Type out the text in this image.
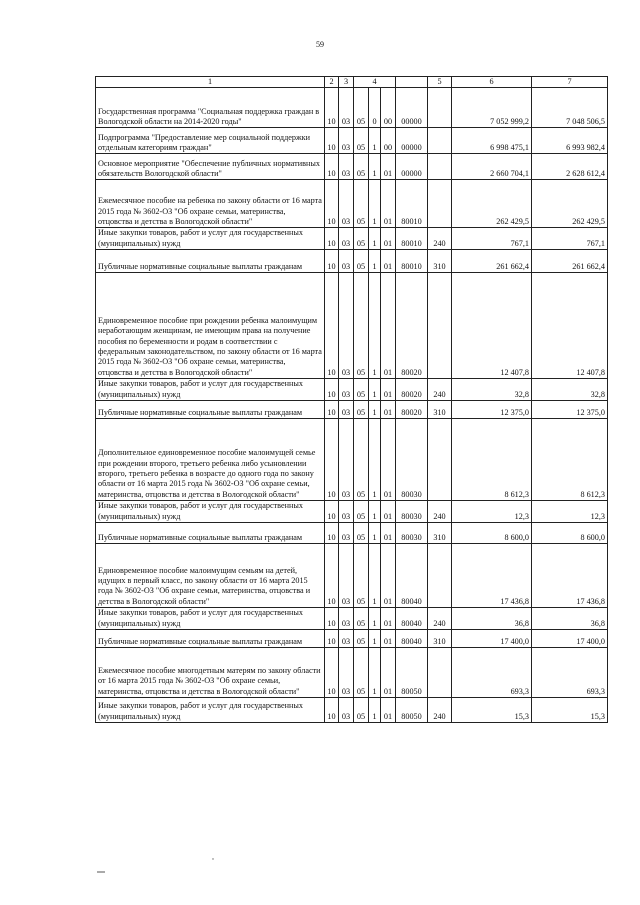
59
1	2	3	4				5	6	7
Государственная программа "Социальная поддержка граждан в Вологодской области на 2014-2020 годы"	10	03	05	0	00	00000		7 052 999,2	7 048 506,5
Подпрограмма "Предоставление мер социальной поддержки отдельным категориям граждан"	10	03	05	1	00	00000		6 998 475,1	6 993 982,4
Основное мероприятие "Обеспечение публичных нормативных обязательств Вологодской области"	10	03	05	1	01	00000		2 660 704,1	2 628 612,4
Ежемесячное пособие на ребенка по закону области от 16 марта 2015 года № 3602-ОЗ "Об охране семьи, материнства, отцовства и детства в Вологодской области"	10	03	05	1	01	80010		262 429,5	262 429,5
Иные закупки товаров, работ и услуг для государственных (муниципальных) нужд	10	03	05	1	01	80010	240	767,1	767,1
Публичные нормативные социальные выплаты гражданам	10	03	05	1	01	80010	310	261 662,4	261 662,4
Единовременное пособие при рождении ребенка малоимущим неработающим женщинам, не имеющим права на получение пособия по беременности и родам в соответствии с федеральным законодательством, по закону области от 16 марта 2015 года № 3602-ОЗ "Об охране семьи, материнства, отцовства и детства в Вологодской области"	10	03	05	1	01	80020		12 407,8	12 407,8
Иные закупки товаров, работ и услуг для государственных (муниципальных) нужд	10	03	05	1	01	80020	240	32,8	32,8
Публичные нормативные социальные выплаты гражданам	10	03	05	1	01	80020	310	12 375,0	12 375,0
Дополнительное единовременное пособие малоимущей семье при рождении второго, третьего ребенка либо усыновлении второго, третьего ребенка в возрасте до одного года по закону области от 16 марта 2015 года № 3602-ОЗ "Об охране семьи, материнства, отцовства и детства в Вологодской области"	10	03	05	1	01	80030		8 612,3	8 612,3
Иные закупки товаров, работ и услуг для государственных (муниципальных) нужд	10	03	05	1	01	80030	240	12,3	12,3
Публичные нормативные социальные выплаты гражданам	10	03	05	1	01	80030	310	8 600,0	8 600,0
Единовременное пособие малоимущим семьям на детей, идущих в первый класс, по закону области от 16 марта 2015 года № 3602-ОЗ "Об охране семьи, материнства, отцовства и детства в Вологодской области"	10	03	05	1	01	80040		17 436,8	17 436,8
Иные закупки товаров, работ и услуг для государственных (муниципальных) нужд	10	03	05	1	01	80040	240	36,8	36,8
Публичные нормативные социальные выплаты гражданам	10	03	05	1	01	80040	310	17 400,0	17 400,0
Ежемесячное пособие многодетным матерям по закону области от 16 марта 2015 года № 3602-ОЗ "Об охране семьи, материнства, отцовства и детства в Вологодской области"	10	03	05	1	01	80050		693,3	693,3
Иные закупки товаров, работ и услуг для государственных (муниципальных) нужд	10	03	05	1	01	80050	240	15,3	15,3
